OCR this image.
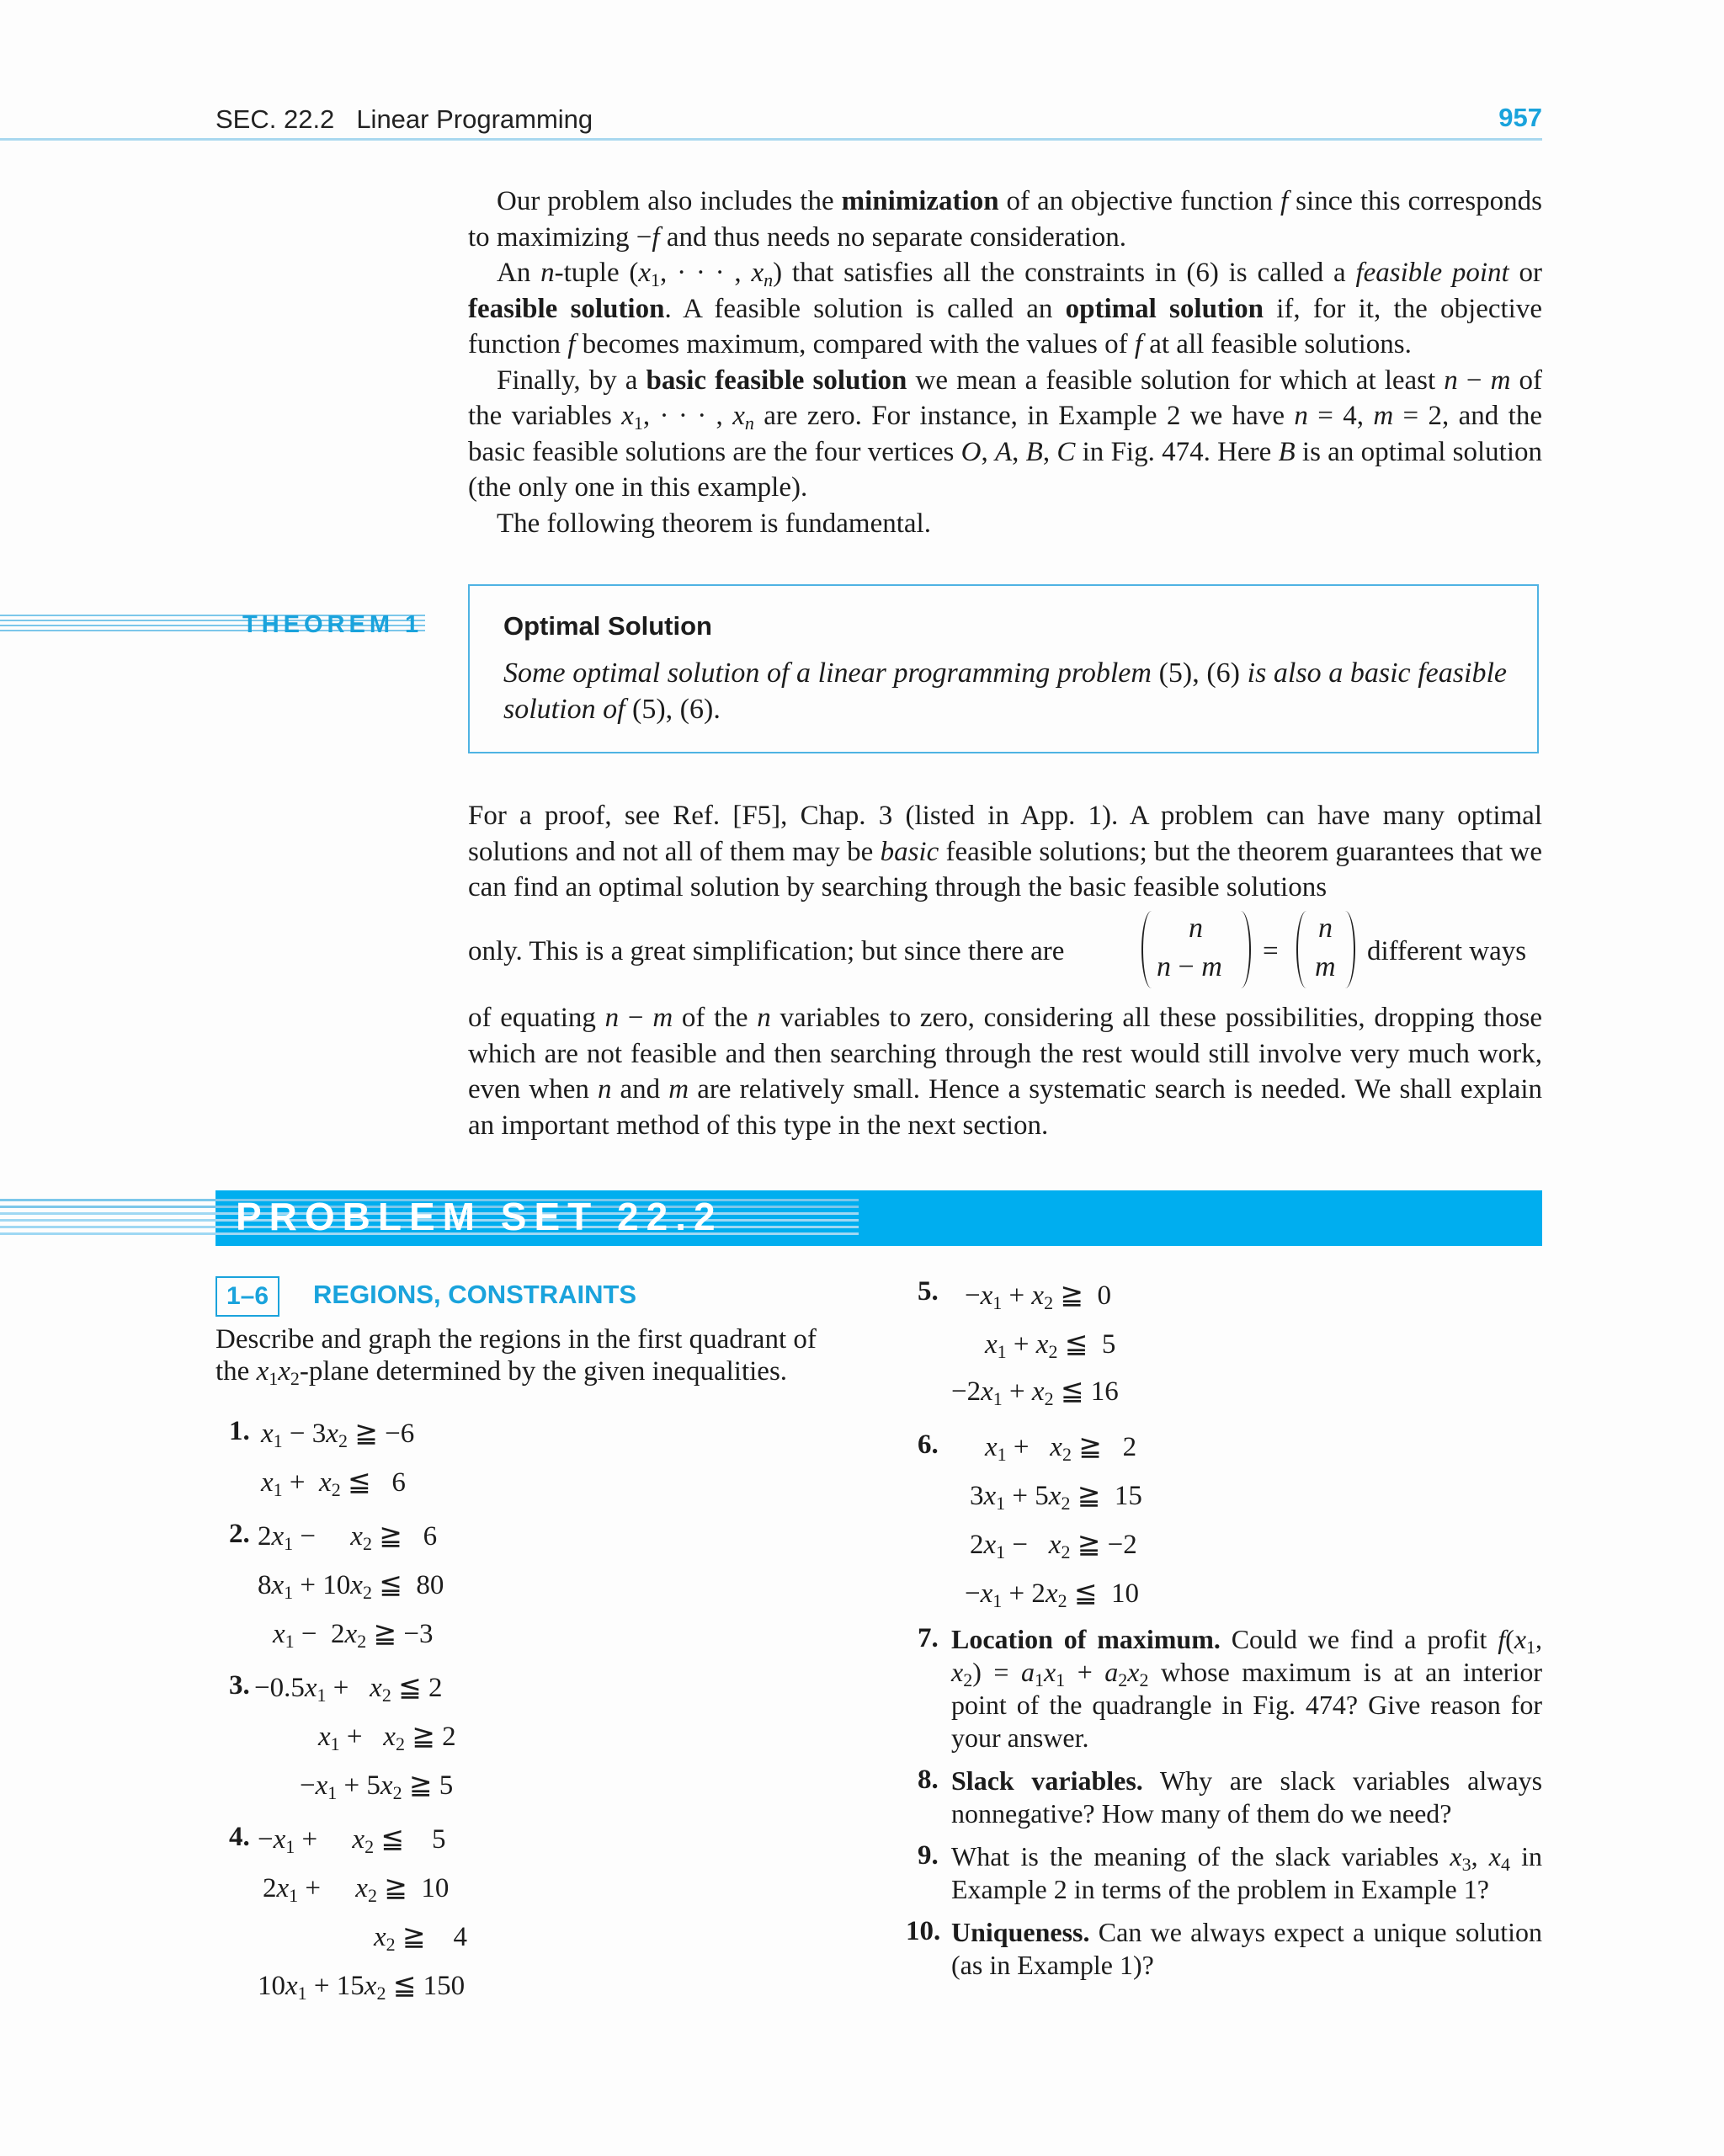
SEC. 22.2 Linear Programming	957

Our problem also includes the minimization of an objective function f since this corresponds to maximizing −f and thus needs no separate consideration.

An n-tuple ($x_1$, · · · , $x_n$) that satisfies all the constraints in (6) is called a feasible point or feasible solution. A feasible solution is called an optimal solution if, for it, the objective function f becomes maximum, compared with the values of f at all feasible solutions.

Finally, by a basic feasible solution we mean a feasible solution for which at least n − m of the variables $x_1$, · · · , $x_n$ are zero. For instance, in Example 2 we have n = 4, m = 2, and the basic feasible solutions are the four vertices O, A, B, C in Fig. 474. Here B is an optimal solution (the only one in this example).

The following theorem is fundamental.

THEOREM 1	Optimal Solution
Some optimal solution of a linear programming problem (5), (6) is also a basic feasible solution of (5), (6).

For a proof, see Ref. [F5], Chap. 3 (listed in App. 1). A problem can have many optimal solutions and not all of them may be basic feasible solutions; but the theorem guarantees that we can find an optimal solution by searching through the basic feasible solutions

only. This is a great simplification; but since there are
n
n − m =
n
m different ways

of equating n − m of the n variables to zero, considering all these possibilities, dropping those which are not feasible and then searching through the rest would still involve very much work, even when n and m are relatively small. Hence a systematic search is needed. We shall explain an important method of this type in the next section.

PROBLEM SET 22.2
1–6	REGIONS, CONSTRAINTS
Describe and graph the regions in the first quadrant of the $x_1x_2$-plane determined by the given inequalities.
1. $x_1 - 3x_2$ ≧ −6
$x_1 + x_2$ ≦   6
2. $2x_1$ −     $x_2$ ≧   6
$8x_1 + 10x_2$ ≦  80
$x_1 - 2x_2$ ≧ −3
3. $-0.5x_1 + x_2$ ≦ 2
$x_1 + x_2$ ≧ 2
$-x_1 + 5x_2$ ≧ 5
4. $-x_1$ +     $x_2$ ≦    5
$2x_1$ +     $x_2$ ≧  10
$x_2$ ≧    4
$10x_1 + 15x_2$ ≦ 150
5. $-x_1 + x_2$ ≧  0
$x_1 + x_2$ ≦  5
$-2x_1 + x_2$ ≦ 16
6. $x_1 + x_2$ ≧   2
$3x_1 + 5x_2$ ≧  15
$2x_1 - x_2$ ≧ −2
$-x_1 + 2x_2$ ≦  10
7. Location of maximum. Could we find a profit $f(x_1$, $x_2) = a_1x_1 + a_2x_2$ whose maximum is at an interior point of the quadrangle in Fig. 474? Give reason for your answer.
8. Slack variables. Why are slack variables always nonnegative? How many of them do we need?
9. What is the meaning of the slack variables $x_3$, $x_4$ in Example 2 in terms of the problem in Example 1?
10. Uniqueness. Can we always expect a unique solution (as in Example 1)?
